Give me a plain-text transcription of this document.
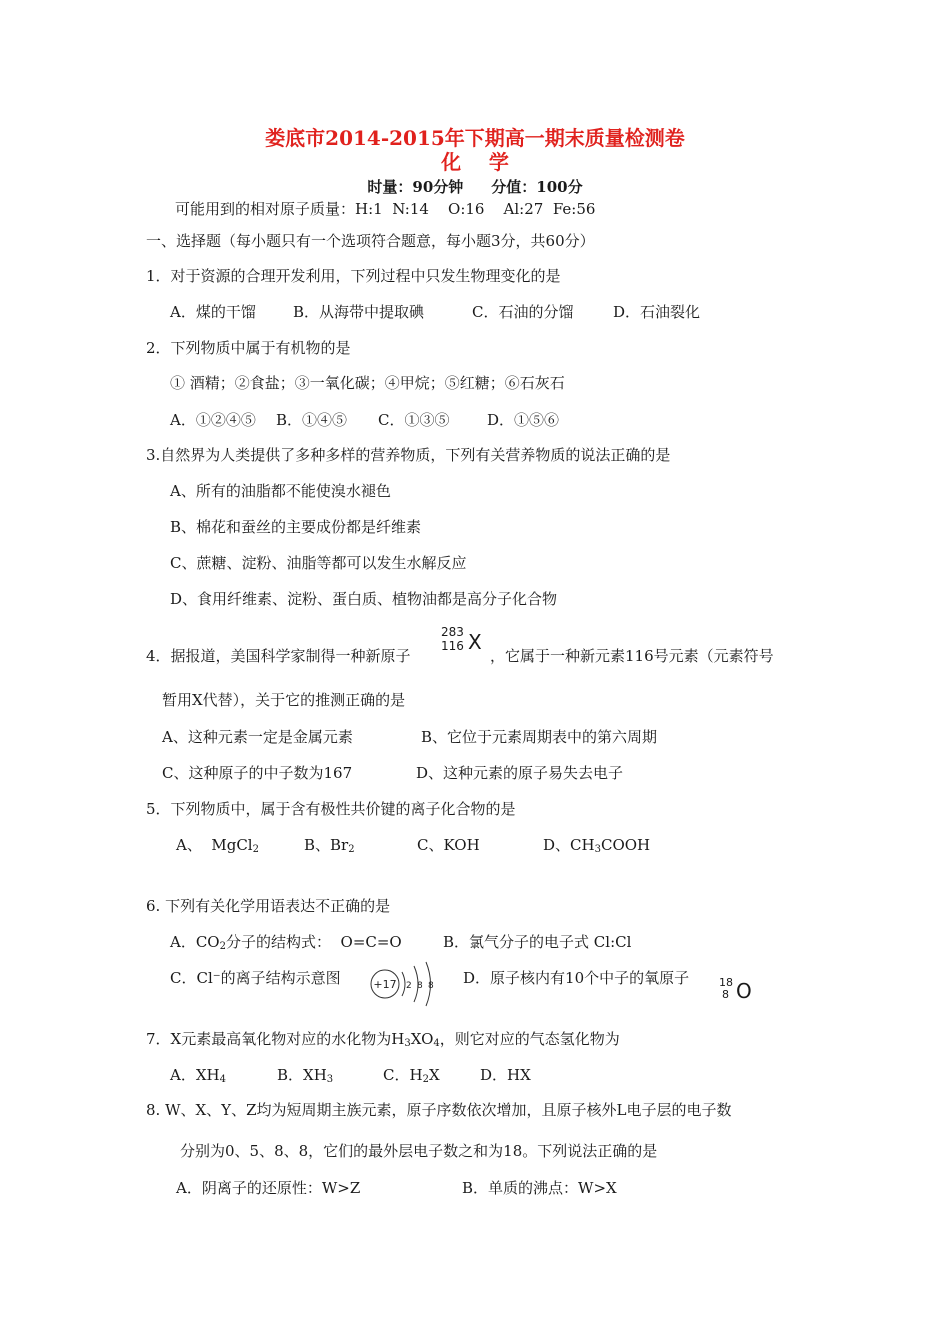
娄底市2014-2015年下期高一期末质量检测卷
化    学
时量：90分钟 分值：100分
可能用到的相对原子质量：H:1  N:14    O:16    Al:27  Fe:56
一、选择题（每小题只有一个选项符合题意，每小题3分，共60分）
1．对于资源的合理开发利用，下列过程中只发生物理变化的是
A．煤的干馏 B．从海带中提取碘	C．石油的分馏	D．石油裂化
2．下列物质中属于有机物的是
① 酒精；②食盐；③一氧化碳；④甲烷；⑤红糖；⑥石灰石
A．①②④⑤ B．①④⑤ C．①③⑤	D．①⑤⑥
3.自然界为人类提供了多种多样的营养物质，下列有关营养物质的说法正确的是
A、所有的油脂都不能使溴水褪色
B、棉花和蚕丝的主要成份都是纤维素
C、蔗糖、淀粉、油脂等都可以发生水解反应
D、食用纤维素、淀粉、蛋白质、植物油都是高分子化合物
4．据报道，美国科学家制得一种新原子
283
116 X
，它属于一种新元素116号元素（元素符号
暂用X代替），关于它的推测正确的是
A、这种元素一定是金属元素	B、它位于元素周期表中的第六周期
C、这种原子的中子数为167	D、这种元素的原子易失去电子
5．下列物质中，属于含有极性共价键的离子化合物的是
A、  MgCl$_2$	B、$Br_2$	C、KOH	D、$CH_3COOH$
6. 下列有关化学用语表达不正确的是
A．$CO_2$分子的结构式：  O=C=O	B．氯气分子的电子式 Cl:Cl
C．Cl⁻的离子结构示意图	+17 2 8 8 D．原子核内有10个中子的氧原子	18
8 O
7．X元素最高氧化物对应的水化物为$H_3XO_4$，则它对应的气态氢化物为
A．$XH_4$	B．$XH_3$	C．$H_2X$	D．HX
8. W、X、Y、Z均为短周期主族元素，原子序数依次增加，且原子核外L电子层的电子数
分别为0、5、8、8，它们的最外层电子数之和为18。下列说法正确的是
A．阴离子的还原性：W>Z	B．单质的沸点：W>X
